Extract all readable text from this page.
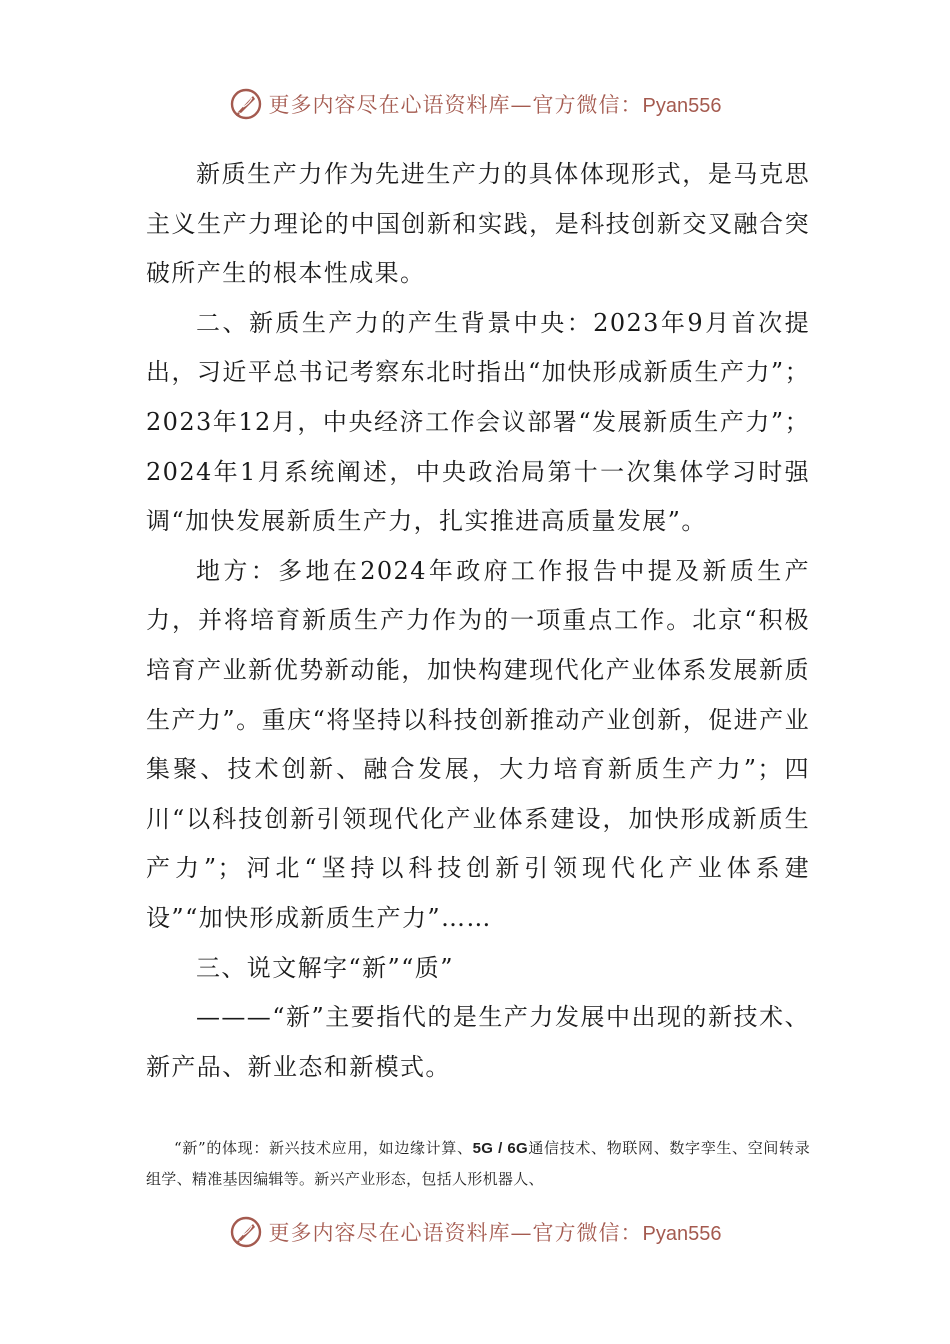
更多内容尽在心语资料库—官方微信：Pyan556

新质生产力作为先进生产力的具体体现形式，是马克思主义生产力理论的中国创新和实践，是科技创新交叉融合突破所产生的根本性成果。

二、新质生产力的产生背景中央：2023年9月首次提出，习近平总书记考察东北时指出“加快形成新质生产力”；2023年12月，中央经济工作会议部署“发展新质生产力”；2024年1月系统阐述，中央政治局第十一次集体学习时强调“加快发展新质生产力，扎实推进高质量发展”。

地方：多地在2024年政府工作报告中提及新质生产力，并将培育新质生产力作为的一项重点工作。北京“积极培育产业新优势新动能，加快构建现代化产业体系发展新质生产力”。重庆“将坚持以科技创新推动产业创新，促进产业集聚、技术创新、融合发展，大力培育新质生产力”；四川“以科技创新引领现代化产业体系建设，加快形成新质生产力”；河北“坚持以科技创新引领现代化产业体系建设”“加快形成新质生产力”……

三、说文解字“新”“质”

———“新”主要指代的是生产力发展中出现的新技术、新产品、新业态和新模式。

“新”的体现：新兴技术应用，如边缘计算、5G / 6G通信技术、物联网、数字孪生、空间转录组学、精准基因编辑等。新兴产业形态，包括人形机器人、

更多内容尽在心语资料库—官方微信：Pyan556
